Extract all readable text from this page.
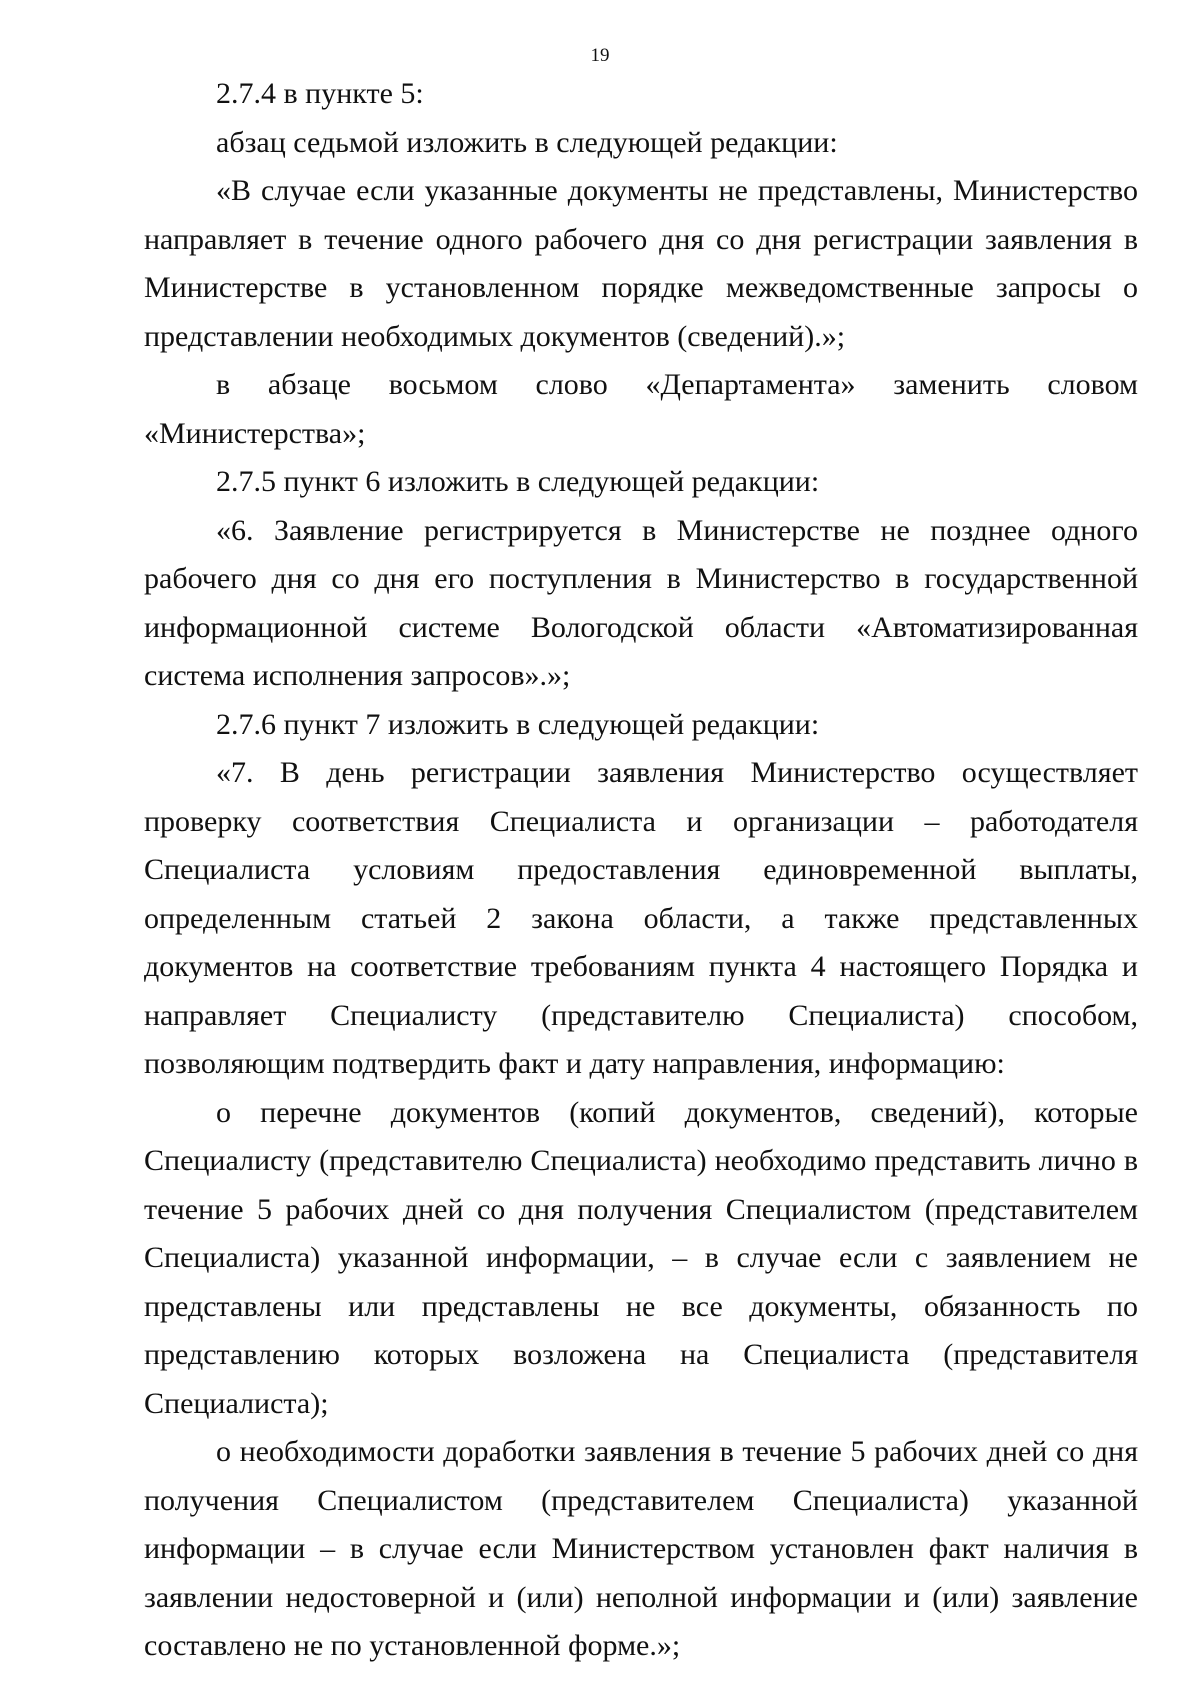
19

2.7.4 в пункте 5:

абзац седьмой изложить в следующей редакции:

«В случае если указанные документы не представлены, Министерство направляет в течение одного рабочего дня со дня регистрации заявления в Министерстве в установленном порядке межведомственные запросы о представлении необходимых документов (сведений).»;

в абзаце восьмом слово «Департамента» заменить словом «Министерства»;

2.7.5 пункт 6 изложить в следующей редакции:

«6. Заявление регистрируется в Министерстве не позднее одного рабочего дня со дня его поступления в Министерство в государственной информационной системе Вологодской области «Автоматизированная система исполнения запросов».»;

2.7.6 пункт 7 изложить в следующей редакции:

«7. В день регистрации заявления Министерство осуществляет проверку соответствия Специалиста и организации – работодателя Специалиста условиям предоставления единовременной выплаты, определенным статьей 2 закона области, а также представленных документов на соответствие требованиям пункта 4 настоящего Порядка и направляет Специалисту (представителю Специалиста) способом, позволяющим подтвердить факт и дату направления, информацию:

о перечне документов (копий документов, сведений), которые Специалисту (представителю Специалиста) необходимо представить лично в течение 5 рабочих дней со дня получения Специалистом (представителем Специалиста) указанной информации, – в случае если с заявлением не представлены или представлены не все документы, обязанность по представлению которых возложена на Специалиста (представителя Специалиста);

о необходимости доработки заявления в течение 5 рабочих дней со дня получения Специалистом (представителем Специалиста) указанной информации – в случае если Министерством установлен факт наличия в заявлении недостоверной и (или) неполной информации и (или) заявление составлено не по установленной форме.»;
